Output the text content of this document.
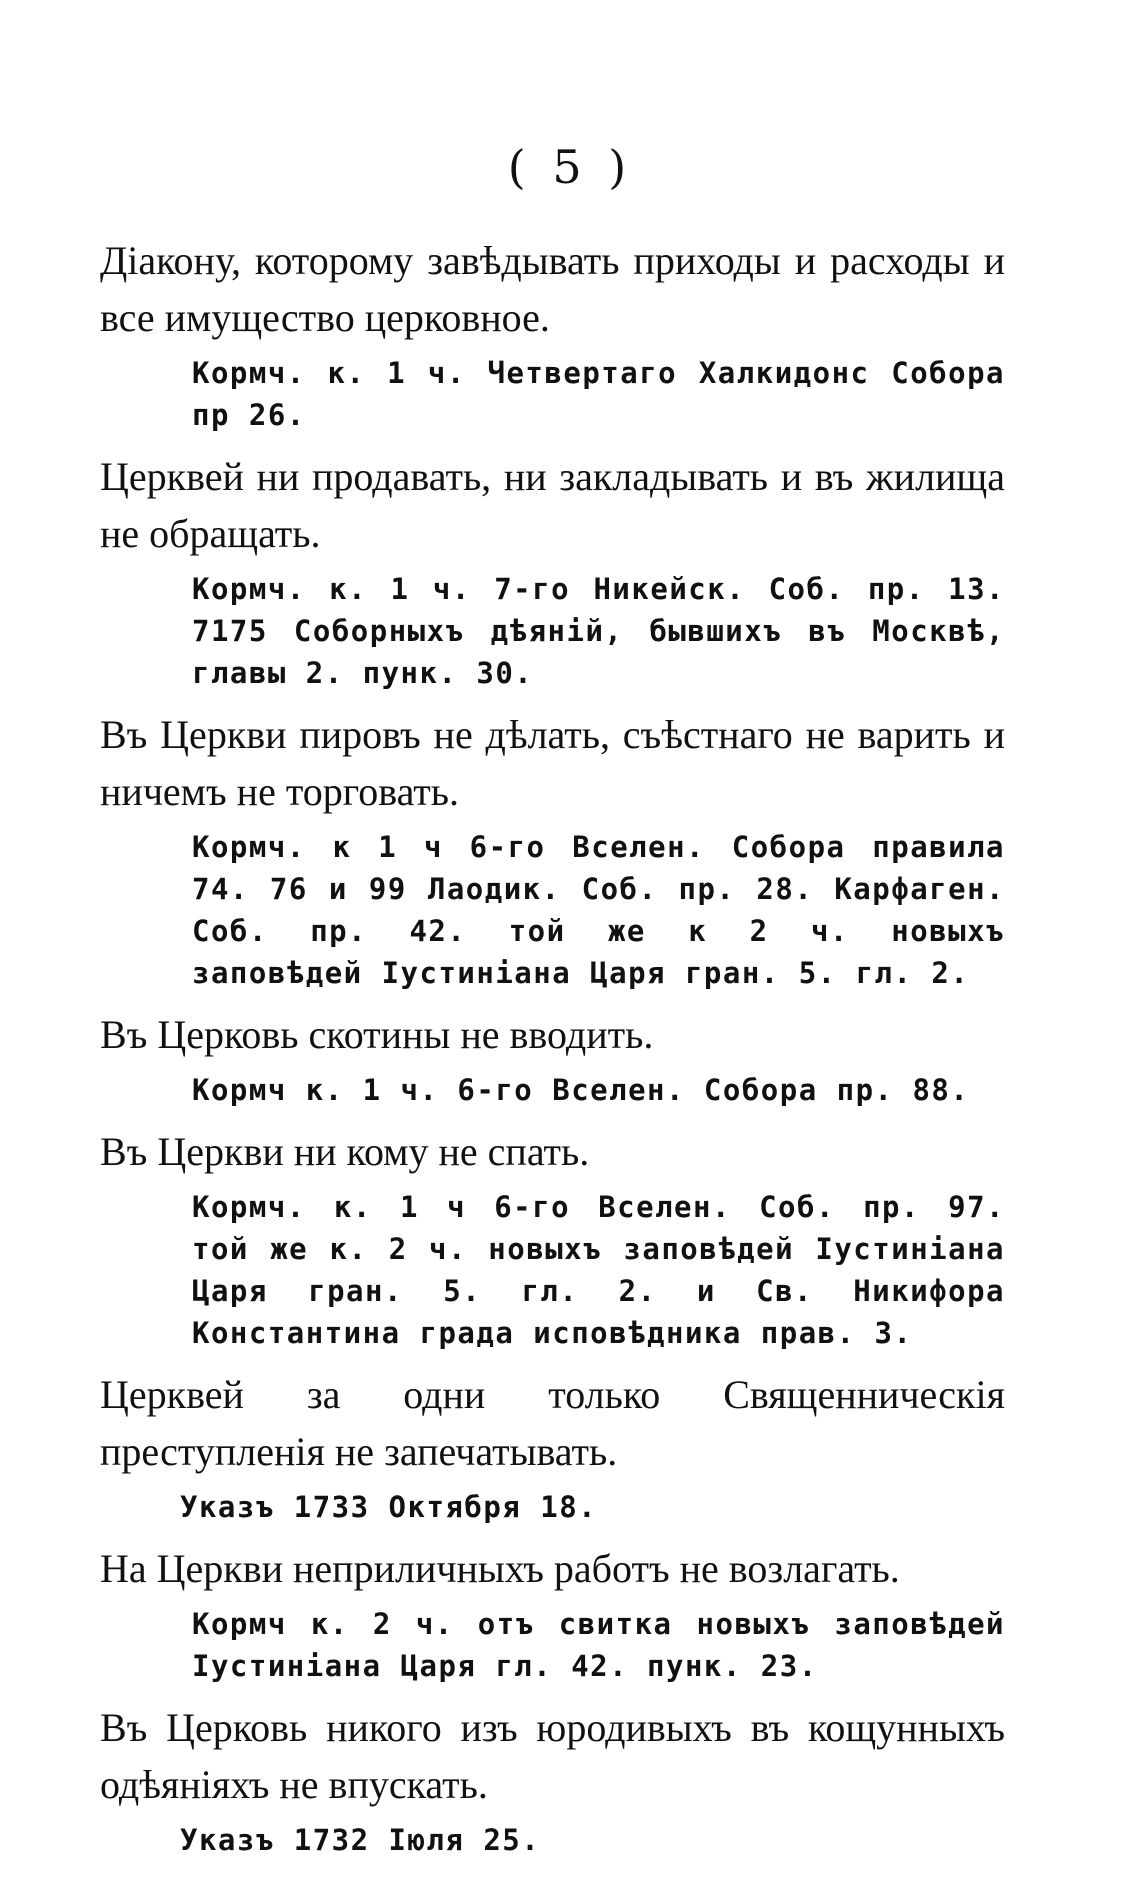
( 5 )

Діакону, которому завѣдывать приходы и расходы и все имущество церковное.

Кормч. к. 1 ч. Четвертаго Халкидонс Собора пр 26.

Церквей ни продавать, ни закладывать и въ жилища не обращать.

Кормч. к. 1 ч. 7-го Никейск. Соб. пр. 13. 7175 Соборныхъ дѣяній, бывшихъ въ Москвѣ, главы 2. пунк. 30.

Въ Церкви пировъ не дѣлать, съѣстнаго не варить и ничемъ не торговать.

Кормч. к 1 ч 6-го Вселен. Собора правила 74. 76 и 99 Лаодик. Соб. пр. 28. Карфаген. Соб. пр. 42. той же к 2 ч. новыхъ заповѣдей Іустиніана Царя гран. 5. гл. 2.

Въ Церковь скотины не вводить.

Кормч к. 1 ч. 6-го Вселен. Собора пр. 88.

Въ Церкви ни кому не спать.

Кормч. к. 1 ч 6-го Вселен. Соб. пр. 97. той же к. 2 ч. новыхъ заповѣдей Іустиніана Царя гран. 5. гл. 2. и Св. Никифора Константина града исповѣдника прав. 3.

Церквей за одни только Священническія преступленія не запечатывать.

Указъ 1733 Октября 18.

На Церкви неприличныхъ работъ не возлагать.

Кормч к. 2 ч. отъ свитка новыхъ заповѣдей Іустиніана Царя гл. 42. пунк. 23.

Въ Церковь никого изъ юродивыхъ въ кощунныхъ одѣяніяхъ не впускать.

Указъ 1732 Іюля 25.
